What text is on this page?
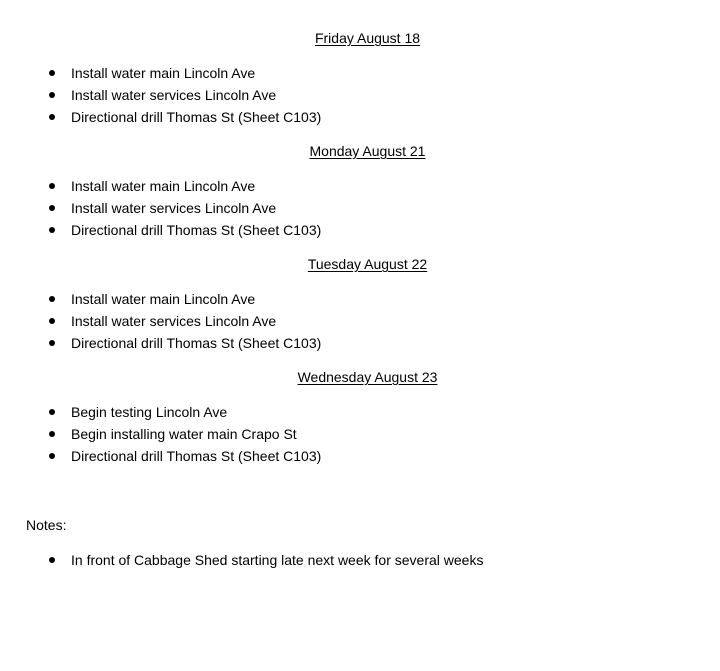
Friday August 18
Install water main Lincoln Ave
Install water services Lincoln Ave
Directional drill Thomas St (Sheet C103)
Monday August 21
Install water main Lincoln Ave
Install water services Lincoln Ave
Directional drill Thomas St (Sheet C103)
Tuesday August 22
Install water main Lincoln Ave
Install water services Lincoln Ave
Directional drill Thomas St (Sheet C103)
Wednesday August 23
Begin testing Lincoln Ave
Begin installing water main Crapo St
Directional drill Thomas St (Sheet C103)
Notes:
In front of Cabbage Shed starting late next week for several weeks
